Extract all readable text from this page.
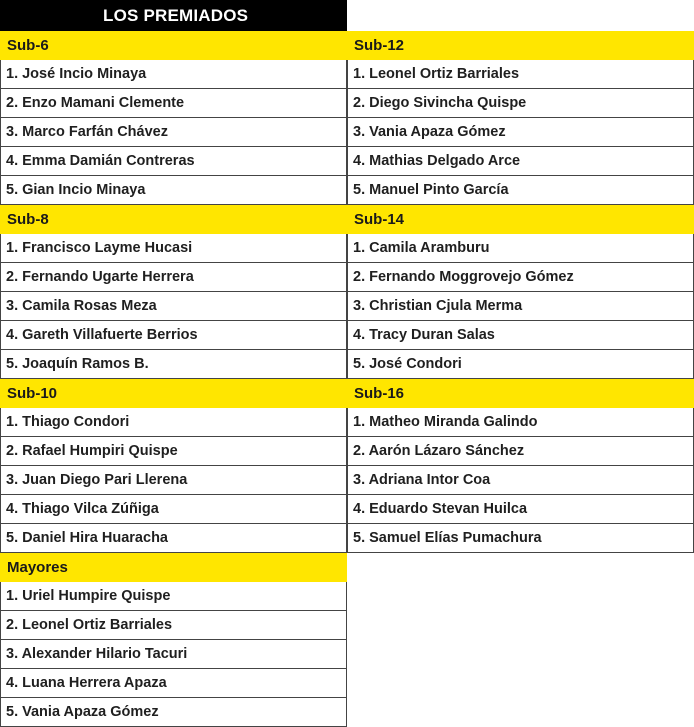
LOS PREMIADOS
Sub-6
1. José Incio Minaya
2. Enzo Mamani Clemente
3. Marco Farfán Chávez
4. Emma Damián Contreras
5. Gian Incio Minaya
Sub-8
1. Francisco Layme Hucasi
2. Fernando Ugarte Herrera
3. Camila Rosas Meza
4. Gareth Villafuerte Berrios
5. Joaquín Ramos B.
Sub-10
1. Thiago Condori
2. Rafael Humpiri Quispe
3. Juan Diego Pari Llerena
4. Thiago Vilca Zúñiga
5. Daniel Hira Huaracha
Mayores
1. Uriel Humpire Quispe
2. Leonel Ortiz Barriales
3. Alexander Hilario Tacuri
4. Luana Herrera Apaza
5. Vania Apaza Gómez
Sub-12
1. Leonel Ortiz Barriales
2. Diego Sivincha Quispe
3. Vania Apaza Gómez
4. Mathias Delgado Arce
5. Manuel Pinto García
Sub-14
1. Camila Aramburu
2. Fernando Moggrovejo Gómez
3. Christian Cjula Merma
4. Tracy Duran Salas
5. José Condori
Sub-16
1. Matheo Miranda Galindo
2. Aarón Lázaro Sánchez
3. Adriana Intor Coa
4. Eduardo Stevan Huilca
5. Samuel Elías Pumachura
